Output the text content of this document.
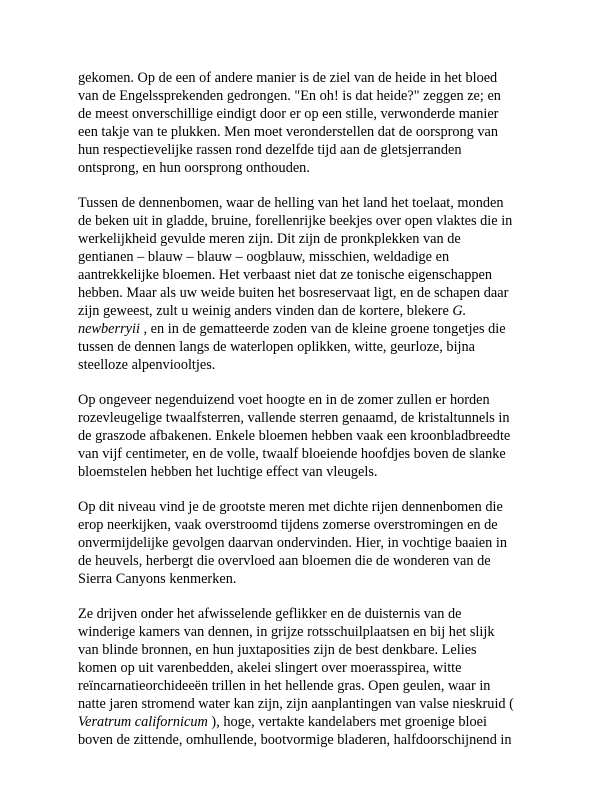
gekomen. Op de een of andere manier is de ziel van de heide in het bloed
van de Engelssprekenden gedrongen. "En oh! is dat heide?" zeggen ze; en
de meest onverschillige eindigt door er op een stille, verwonderde manier
een takje van te plukken. Men moet veronderstellen dat de oorsprong van
hun respectievelijke rassen rond dezelfde tijd aan de gletsjerranden
ontsprong, en hun oorsprong onthouden.

Tussen de dennenbomen, waar de helling van het land het toelaat, monden
de beken uit in gladde, bruine, forellenrijke beekjes over open vlaktes die in
werkelijkheid gevulde meren zijn. Dit zijn de pronkplekken van de
gentianen – blauw – blauw – oogblauw, misschien, weldadige en
aantrekkelijke bloemen. Het verbaast niet dat ze tonische eigenschappen
hebben. Maar als uw weide buiten het bosreservaat ligt, en de schapen daar
zijn geweest, zult u weinig anders vinden dan de kortere, blekere G.
newberryii , en in de gematteerde zoden van de kleine groene tongetjes die
tussen de dennen langs de waterlopen oplikken, witte, geurloze, bijna
steelloze alpenviooltjes.

Op ongeveer negenduizend voet hoogte en in de zomer zullen er horden
rozevleugelige twaalfsterren, vallende sterren genaamd, de kristaltunnels in
de graszode afbakenen. Enkele bloemen hebben vaak een kroonbladbreedte
van vijf centimeter, en de volle, twaalf bloeiende hoofdjes boven de slanke
bloemstelen hebben het luchtige effect van vleugels.

Op dit niveau vind je de grootste meren met dichte rijen dennenbomen die
erop neerkijken, vaak overstroomd tijdens zomerse overstromingen en de
onvermijdelijke gevolgen daarvan ondervinden. Hier, in vochtige baaien in
de heuvels, herbergt die overvloed aan bloemen die de wonderen van de
Sierra Canyons kenmerken.

Ze drijven onder het afwisselende geflikker en de duisternis van de
winderige kamers van dennen, in grijze rotsschuilplaatsen en bij het slijk
van blinde bronnen, en hun juxtaposities zijn de best denkbare. Lelies
komen op uit varenbedden, akelei slingert over moerasspirea, witte
reïncarnatieorchideeën trillen in het hellende gras. Open geulen, waar in
natte jaren stromend water kan zijn, zijn aanplantingen van valse nieskruid (
Veratrum californicum ), hoge, vertakte kandelabers met groenige bloei
boven de zittende, omhullende, bootvormige bladeren, halfdoorschijnend in
